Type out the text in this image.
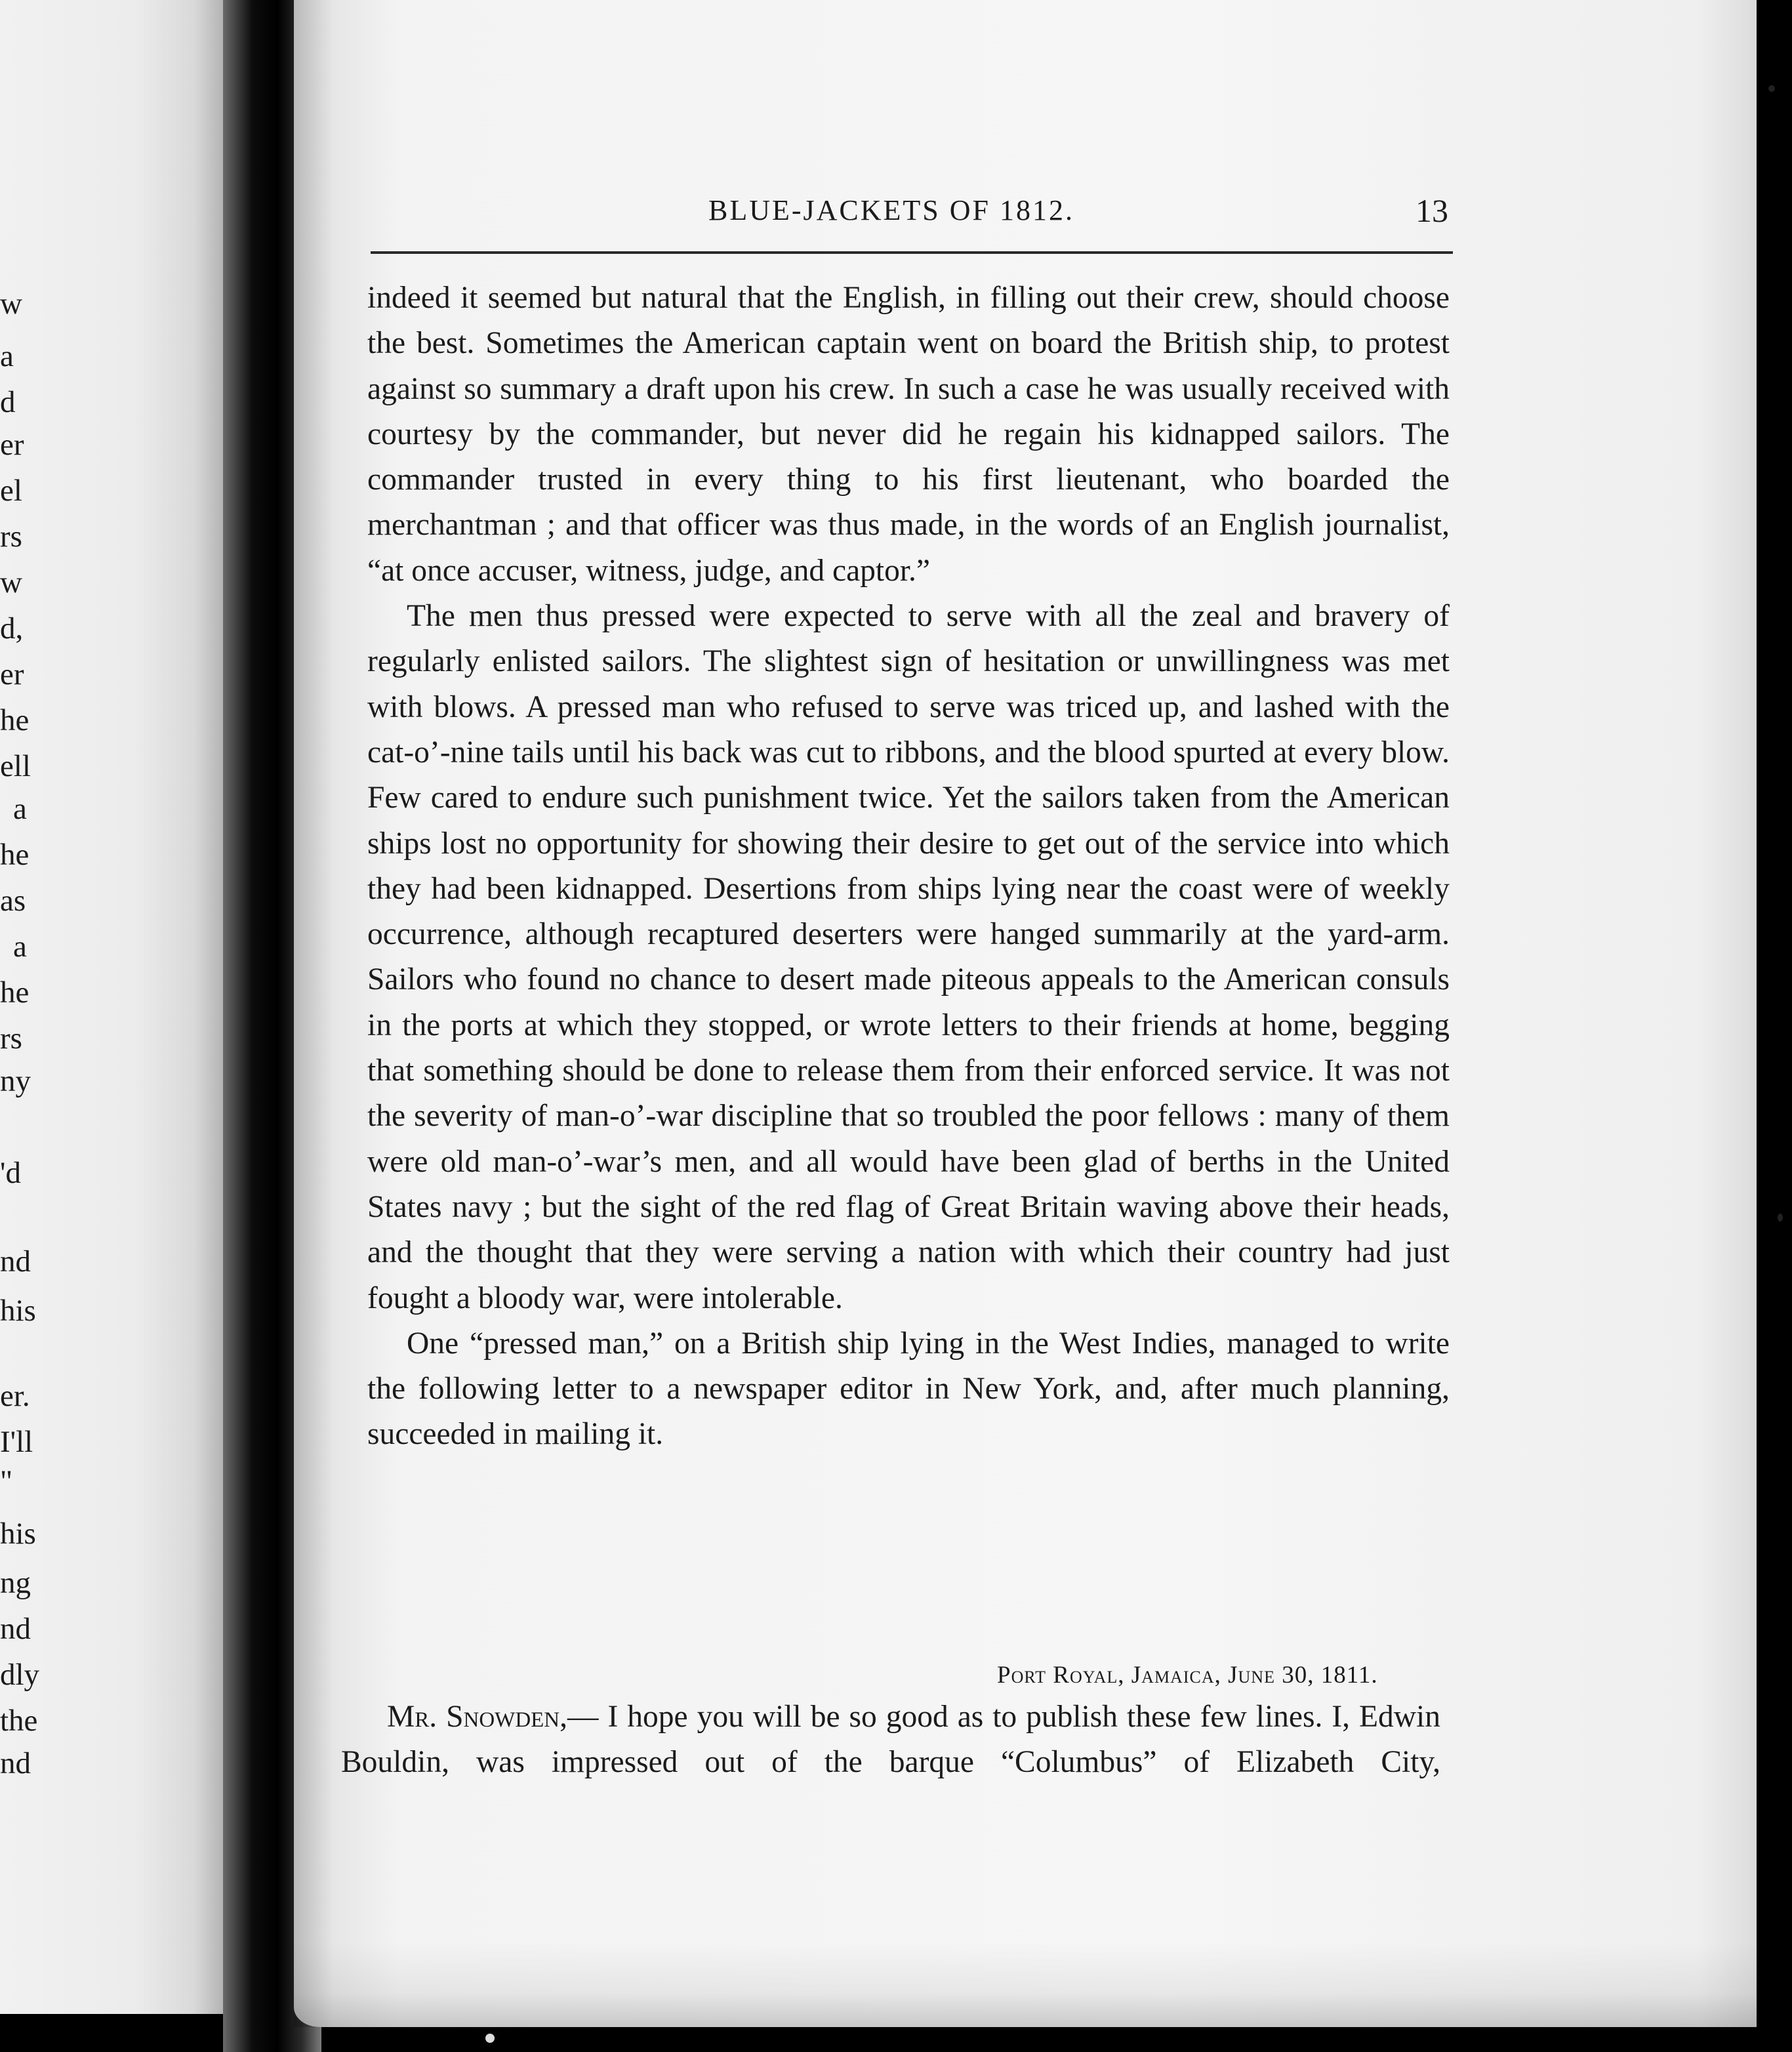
w
a
d
er
el
rs
w
d,
er
he
ell
a
he
as
a
he
rs
ny
'd
nd
his
er.
I'll
"
his
ng
nd
dly
the
nd
BLUE-JACKETS OF 1812.	13

indeed it seemed but natural that the English, in filling out their crew, should choose the best. Sometimes the American captain went on board the British ship, to protest against so summary a draft upon his crew. In such a case he was usually received with courtesy by the commander, but never did he regain his kidnapped sailors. The commander trusted in every thing to his first lieutenant, who boarded the merchantman ; and that officer was thus made, in the words of an English journalist, “at once accuser, witness, judge, and captor.”

The men thus pressed were expected to serve with all the zeal and bravery of regularly enlisted sailors. The slightest sign of hesitation or unwillingness was met with blows. A pressed man who refused to serve was triced up, and lashed with the cat-o’-nine tails until his back was cut to ribbons, and the blood spurted at every blow. Few cared to endure such punishment twice. Yet the sailors taken from the American ships lost no opportunity for showing their desire to get out of the service into which they had been kidnapped. Desertions from ships lying near the coast were of weekly occurrence, although recaptured deserters were hanged summarily at the yard-arm. Sailors who found no chance to desert made piteous appeals to the American consuls in the ports at which they stopped, or wrote letters to their friends at home, begging that something should be done to release them from their enforced service. It was not the severity of man-o’-war discipline that so troubled the poor fellows : many of them were old man-o’-war’s men, and all would have been glad of berths in the United States navy ; but the sight of the red flag of Great Britain waving above their heads, and the thought that they were serving a nation with which their country had just fought a bloody war, were intolerable.

One “pressed man,” on a British ship lying in the West Indies, managed to write the following letter to a newspaper editor in New York, and, after much planning, succeeded in mailing it.

Port Royal, Jamaica, June 30, 1811.

Mr. Snowden,— I hope you will be so good as to publish these few lines. I, Edwin Bouldin, was impressed out of the barque “Columbus” of Elizabeth City,
